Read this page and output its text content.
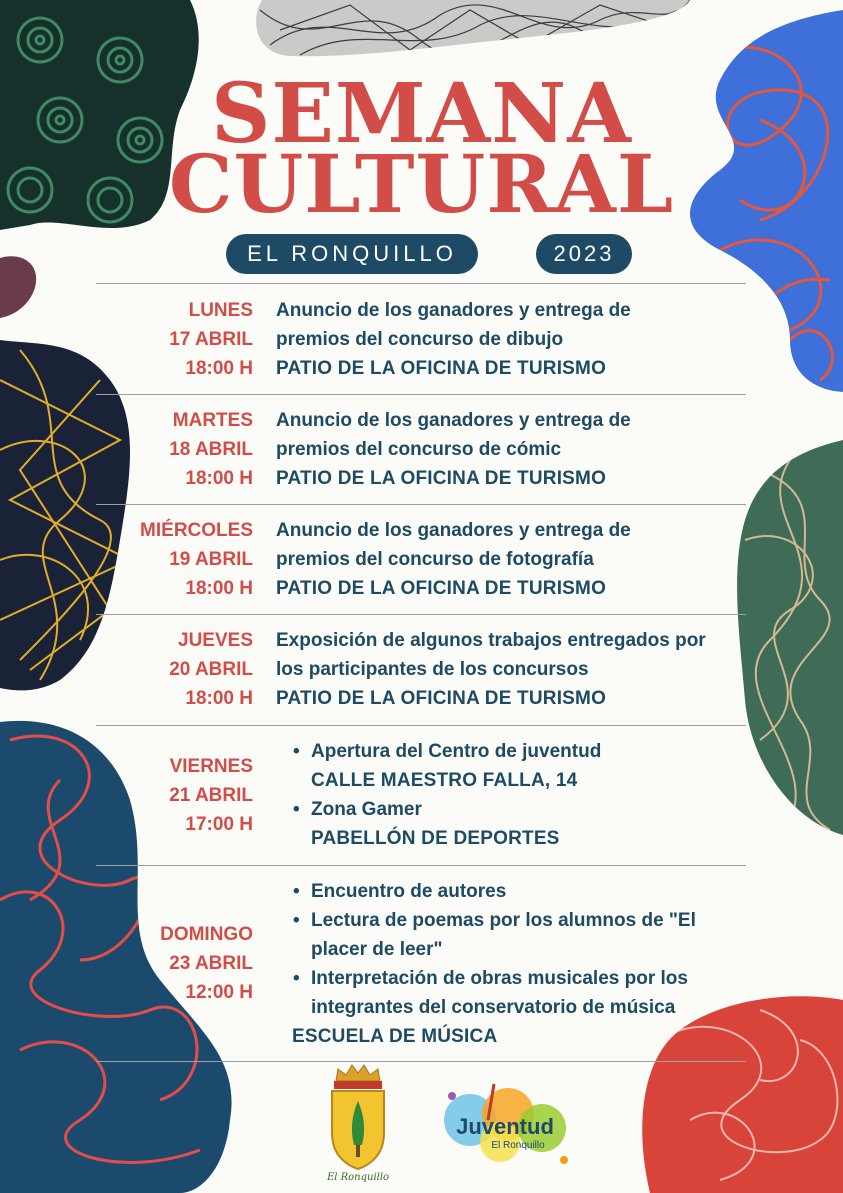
SEMANA
CULTURAL
EL RONQUILLO	2023
LUNES
17 ABRIL
18:00 H

Anuncio de los ganadores y entrega de

premios del concurso de dibujo

PATIO DE LA OFICINA DE TURISMO

MARTES
18 ABRIL
18:00 H

Anuncio de los ganadores y entrega de

premios del concurso de cómic

PATIO DE LA OFICINA DE TURISMO

MIÉRCOLES
19 ABRIL
18:00 H

Anuncio de los ganadores y entrega de

premios del concurso de fotografía

PATIO DE LA OFICINA DE TURISMO

JUEVES
20 ABRIL
18:00 H

Exposición de algunos trabajos entregados por

los participantes de los concursos

PATIO DE LA OFICINA DE TURISMO

VIERNES
21 ABRIL
17:00 H
• Apertura del Centro de juventud
CALLE MAESTRO FALLA, 14
• Zona Gamer
PABELLÓN DE DEPORTES
DOMINGO
23 ABRIL
12:00 H
• Encuentro de autores
• Lectura de poemas por los alumnos de "El
placer de leer"
• Interpretación de obras musicales por los
integrantes del conservatorio de música
ESCUELA DE MÚSICA
El Ronquillo
Juventud
El Ronquillo
